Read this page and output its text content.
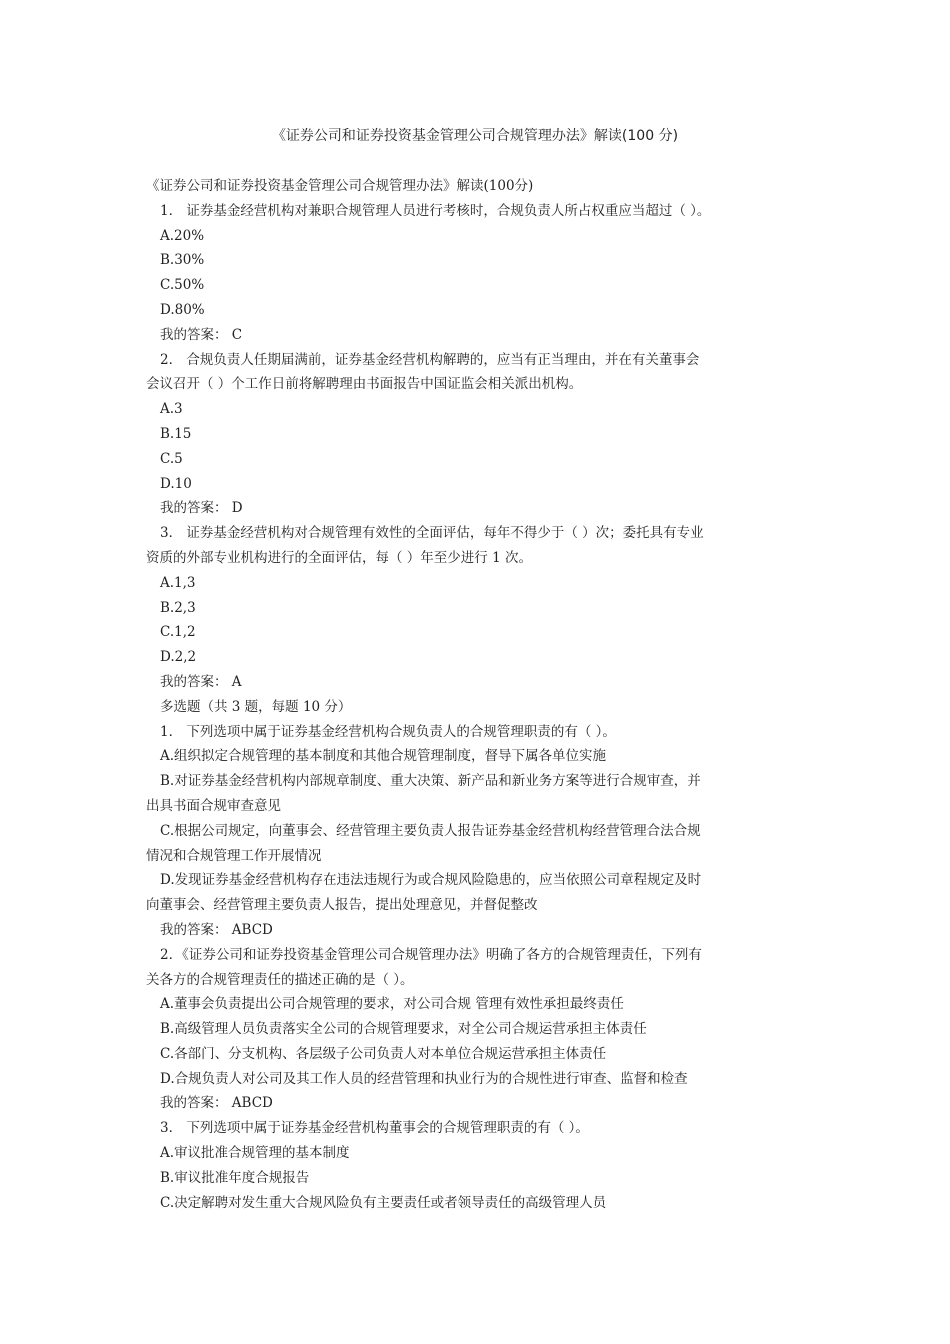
《证券公司和证券投资基金管理公司合规管理办法》解读(100 分)
《证券公司和证券投资基金管理公司合规管理办法》解读(100分)
1． 证券基金经营机构对兼职合规管理人员进行考核时，合规负责人所占权重应当超过（ ）。
A.20%
B.30%
C.50%
D.80%
我的答案： C
2． 合规负责人任期届满前，证券基金经营机构解聘的，应当有正当理由，并在有关董事会
会议召开（ ）个工作日前将解聘理由书面报告中国证监会相关派出机构。
A.3
B.15
C.5
D.10
我的答案： D
3． 证券基金经营机构对合规管理有效性的全面评估，每年不得少于（ ）次；委托具有专业
资质的外部专业机构进行的全面评估，每（ ）年至少进行 1 次。
A.1,3
B.2,3
C.1,2
D.2,2
我的答案： A
多选题（共 3 题，每题 10 分）
1． 下列选项中属于证券基金经营机构合规负责人的合规管理职责的有（ ）。
A.组织拟定合规管理的基本制度和其他合规管理制度，督导下属各单位实施
B.对证券基金经营机构内部规章制度、重大决策、新产品和新业务方案等进行合规审查，并
出具书面合规审查意见
C.根据公司规定，向董事会、经营管理主要负责人报告证券基金经营机构经营管理合法合规
情况和合规管理工作开展情况
D.发现证券基金经营机构存在违法违规行为或合规风险隐患的，应当依照公司章程规定及时
向董事会、经营管理主要负责人报告，提出处理意见，并督促整改
我的答案： ABCD
2．《证券公司和证券投资基金管理公司合规管理办法》明确了各方的合规管理责任，下列有
关各方的合规管理责任的描述正确的是（ ）。
A.董事会负责提出公司合规管理的要求，对公司合规 管理有效性承担最终责任
B.高级管理人员负责落实全公司的合规管理要求，对全公司合规运营承担主体责任
C.各部门、分支机构、各层级子公司负责人对本单位合规运营承担主体责任
D.合规负责人对公司及其工作人员的经营管理和执业行为的合规性进行审查、监督和检查
我的答案： ABCD
3． 下列选项中属于证券基金经营机构董事会的合规管理职责的有（ ）。
A.审议批准合规管理的基本制度
B.审议批准年度合规报告
C.决定解聘对发生重大合规风险负有主要责任或者领导责任的高级管理人员
